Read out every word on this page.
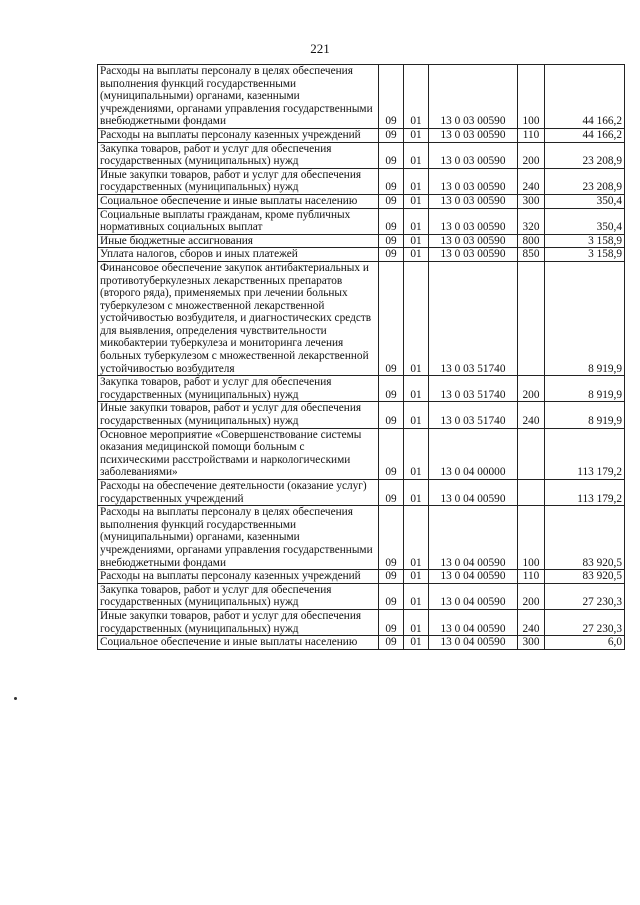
221
Расходы на выплаты персоналу в целях обеспечения выполнения функций государственными (муниципальными) органами, казенными учреждениями, органами управления государственными внебюджетными фондами	09	01	13 0 03 00590	100	44 166,2
Расходы на выплаты персоналу казенных учреждений	09	01	13 0 03 00590	110	44 166,2
Закупка товаров, работ и услуг для обеспечения государственных (муниципальных) нужд	09	01	13 0 03 00590	200	23 208,9
Иные закупки товаров, работ и услуг для обеспечения государственных (муниципальных) нужд	09	01	13 0 03 00590	240	23 208,9
Социальное обеспечение и иные выплаты населению	09	01	13 0 03 00590	300	350,4
Социальные выплаты гражданам, кроме публичных нормативных социальных выплат	09	01	13 0 03 00590	320	350,4
Иные бюджетные ассигнования	09	01	13 0 03 00590	800	3 158,9
Уплата налогов, сборов и иных платежей	09	01	13 0 03 00590	850	3 158,9
Финансовое обеспечение закупок антибактериальных и противотуберкулезных лекарственных препаратов (второго ряда), применяемых при лечении больных туберкулезом с множественной лекарственной устойчивостью возбудителя, и диагностических средств для выявления, определения чувствительности микобактерии туберкулеза и мониторинга лечения больных туберкулезом с множественной лекарственной устойчивостью возбудителя	09	01	13 0 03 51740		8 919,9
Закупка товаров, работ и услуг для обеспечения государственных (муниципальных) нужд	09	01	13 0 03 51740	200	8 919,9
Иные закупки товаров, работ и услуг для обеспечения государственных (муниципальных) нужд	09	01	13 0 03 51740	240	8 919,9
Основное мероприятие «Совершенствование системы оказания медицинской помощи больным с психическими расстройствами и наркологическими заболеваниями»	09	01	13 0 04 00000		113 179,2
Расходы на обеспечение деятельности (оказание услуг) государственных учреждений	09	01	13 0 04 00590		113 179,2
Расходы на выплаты персоналу в целях обеспечения выполнения функций государственными (муниципальными) органами, казенными учреждениями, органами управления государственными внебюджетными фондами	09	01	13 0 04 00590	100	83 920,5
Расходы на выплаты персоналу казенных учреждений	09	01	13 0 04 00590	110	83 920,5
Закупка товаров, работ и услуг для обеспечения государственных (муниципальных) нужд	09	01	13 0 04 00590	200	27 230,3
Иные закупки товаров, работ и услуг для обеспечения государственных (муниципальных) нужд	09	01	13 0 04 00590	240	27 230,3
Социальное обеспечение и иные выплаты населению	09	01	13 0 04 00590	300	6,0
